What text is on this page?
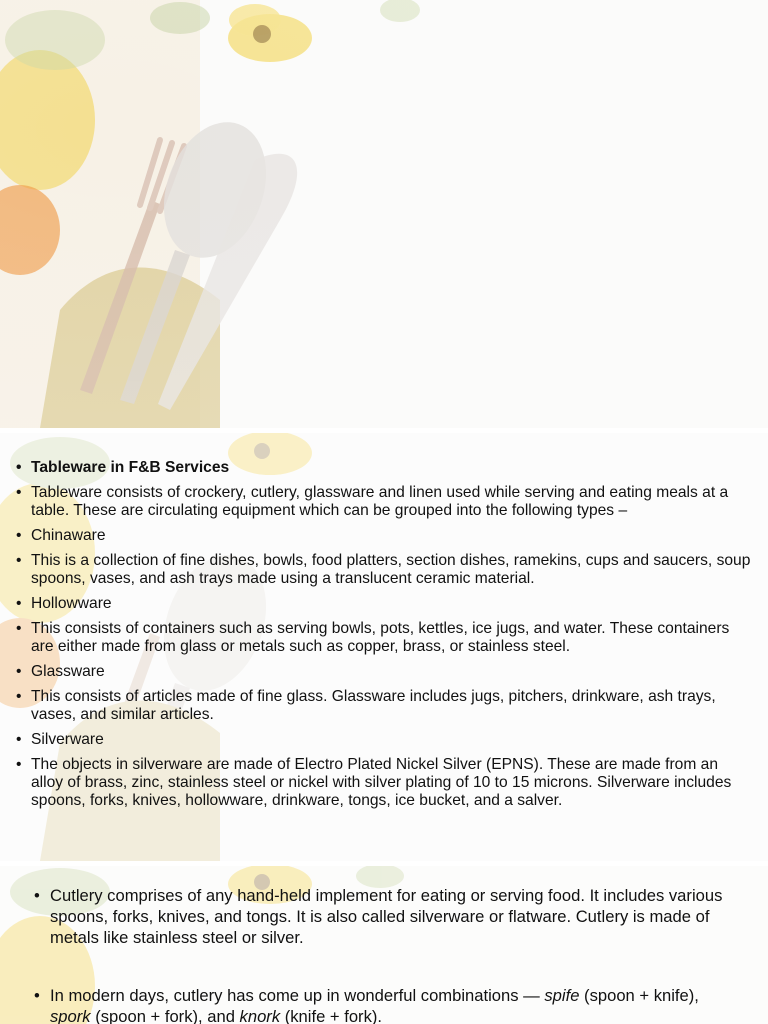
• Tableware in F&B Services
• Tableware consists of crockery, cutlery, glassware and linen used while serving and eating meals at a table. These are circulating equipment which can be grouped into the following types –
• Chinaware
• This is a collection of fine dishes, bowls, food platters, section dishes, ramekins, cups and saucers, soup spoons, vases, and ash trays made using a translucent ceramic material.
• Hollowware
• This consists of containers such as serving bowls, pots, kettles, ice jugs, and water. These containers are either made from glass or metals such as copper, brass, or stainless steel.
• Glassware
• This consists of articles made of fine glass. Glassware includes jugs, pitchers, drinkware, ash trays, vases, and similar articles.
• Silverware
• The objects in silverware are made of Electro Plated Nickel Silver (EPNS). These are made from an alloy of brass, zinc, stainless steel or nickel with silver plating of 10 to 15 microns. Silverware includes spoons, forks, knives, hollowware, drinkware, tongs, ice bucket, and a salver.
• Cutlery comprises of any hand-held implement for eating or serving food. It includes various spoons, forks, knives, and tongs. It is also called silverware or flatware. Cutlery is made of metals like stainless steel or silver.
• In modern days, cutlery has come up in wonderful combinations — spife (spoon + knife), spork (spoon + fork), and knork (knife + fork).
